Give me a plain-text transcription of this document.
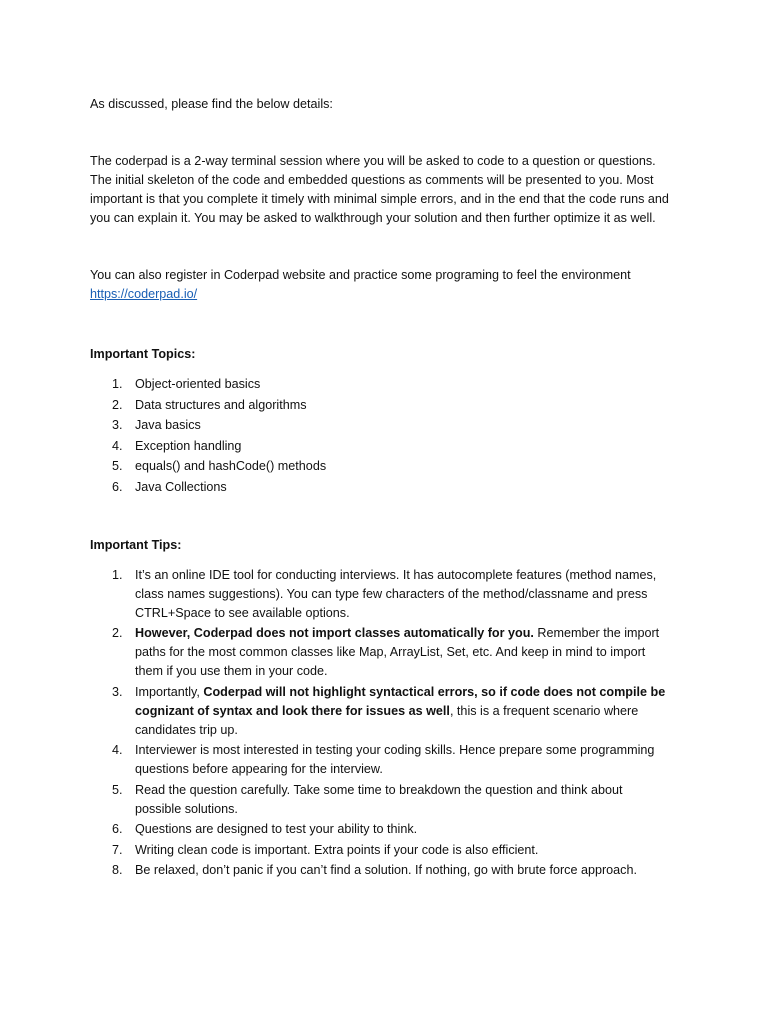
As discussed, please find the below details:

The coderpad is a 2-way terminal session where you will be asked to code to a question or questions. The initial skeleton of the code and embedded questions as comments will be presented to you. Most important is that you complete it timely with minimal simple errors, and in the end that the code runs and you can explain it. You may be asked to walkthrough your solution and then further optimize it as well.

You can also register in Coderpad website and practice some programing to feel the environment
https://coderpad.io/

Important Topics:

1. Object-oriented basics
2. Data structures and algorithms
3. Java basics
4. Exception handling
5. equals() and hashCode() methods
6. Java Collections

Important Tips:

1. It’s an online IDE tool for conducting interviews. It has autocomplete features (method names, class names suggestions). You can type few characters of the method/classname and press CTRL+Space to see available options.
2. However, Coderpad does not import classes automatically for you. Remember the import paths for the most common classes like Map, ArrayList, Set, etc. And keep in mind to import them if you use them in your code.
3. Importantly, Coderpad will not highlight syntactical errors, so if code does not compile be cognizant of syntax and look there for issues as well, this is a frequent scenario where candidates trip up.
4. Interviewer is most interested in testing your coding skills. Hence prepare some programming questions before appearing for the interview.
5. Read the question carefully. Take some time to breakdown the question and think about possible solutions.
6. Questions are designed to test your ability to think.
7. Writing clean code is important. Extra points if your code is also efficient.
8. Be relaxed, don’t panic if you can’t find a solution. If nothing, go with brute force approach.
